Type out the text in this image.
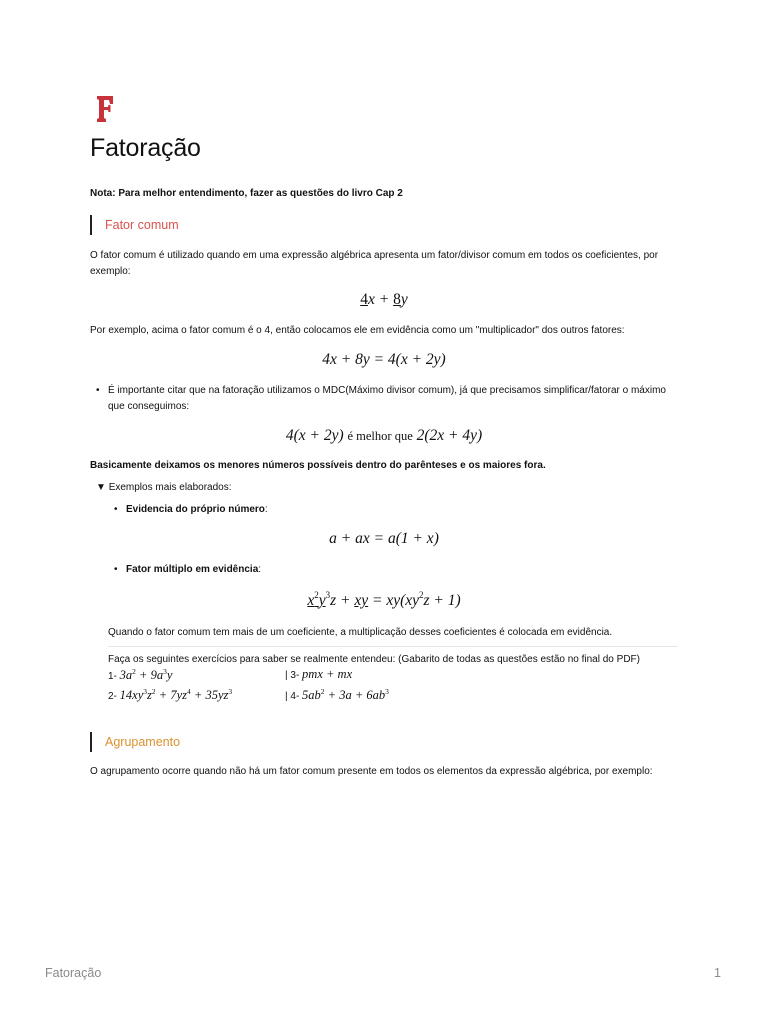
Fatoração
Nota: Para melhor entendimento, fazer as questões do livro Cap 2
Fator comum
O fator comum é utilizado quando em uma expressão algébrica apresenta um fator/divisor comum em todos os coeficientes, por
exemplo:
4x + 8y
Por exemplo, acima o fator comum é o 4, então colocamos ele em evidência como um "multiplicador" dos outros fatores:
4x + 8y = 4(x + 2y)
• É importante citar que na fatoração utilizamos o MDC(Máximo divisor comum), já que precisamos simplificar/fatorar o máximo
que conseguimos:
4(x + 2y) é melhor que 2(2x + 4y)
Basicamente deixamos os menores números possíveis dentro do parênteses e os maiores fora.
▼ Exemplos mais elaborados:
• Evidencia do próprio número:
a + ax = a(1 + x)
• Fator múltiplo em evidência:
$x^2y^3z$ + xy = $xy(xy^2z + 1)$
Quando o fator comum tem mais de um coeficiente, a multiplicação desses coeficientes é colocada em evidência.
Faça os seguintes exercícios para saber se realmente entendeu: (Gabarito de todas as questões estão no final do PDF)
1- $3a^2 + 9a^3y$	| 3- pmx + mx
2- $14xy^3z^2 + 7yz^4 + 35yz^3$	| 4- $5ab^2 + 3a + 6ab^3$
Agrupamento
O agrupamento ocorre quando não há um fator comum presente em todos os elementos da expressão algébrica, por exemplo:
Fatoração	1
